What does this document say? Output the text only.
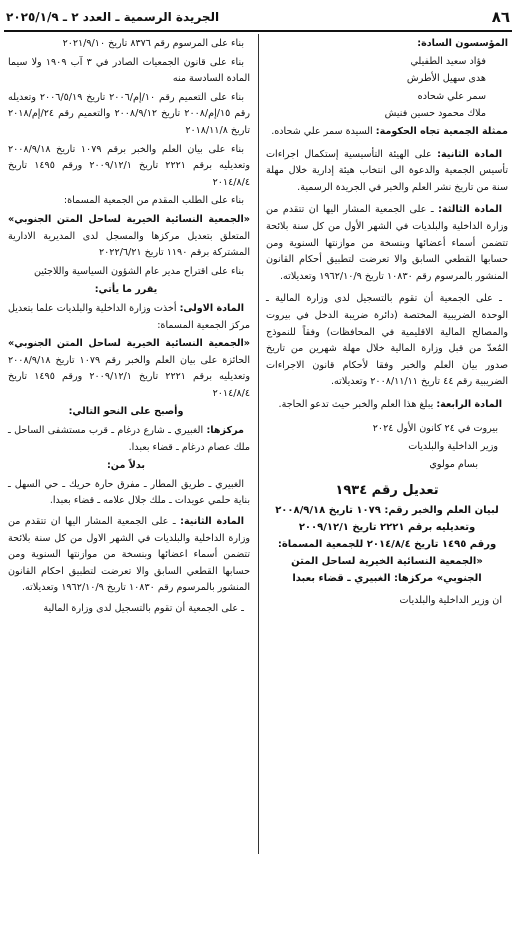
٨٦
الجريدة الرسمية ـ العدد ٢ ـ ٢٠٢٥/١/٩

المؤسسون السادة:

فؤاد سعيد الطفيلي

هدى سهيل الأطرش

سمر علي شحاده

ملاك محمود حسين فنيش

ممثلة الجمعية تجاه الحكومة: السيدة سمر علي شحاده.

المادة الثانية: على الهيئة التأسيسية إستكمال اجراءات تأسيس الجمعية والدعوة الى انتخاب هيئة إدارية خلال مهلة سنة من تاريخ نشر العلم والخبر في الجريدة الرسمية.

المادة الثالثة: ـ على الجمعية المشار اليها ان تتقدم من وزارة الداخلية والبلديات في الشهر الأول من كل سنة بلائحة تتضمن أسماء أعضائها وبنسخة من موازنتها السنوية ومن حسابها القطعي السابق والا تعرضت لتطبيق أحكام القانون المنشور بالمرسوم رقم ١٠٨٣٠ تاريخ ١٩٦٢/١٠/٩ وتعديلاته.

ـ على الجمعية أن تقوم بالتسجيل لدى وزارة المالية ـ الوحدة الضريبية المختصة (دائرة ضريبة الدخل في بيروت والمصالح المالية الاقليمية في المحافظات) وفقاً للنموذج المُعدّ من قبل وزارة المالية خلال مهلة شهرين من تاريخ صدور بيان العلم والخبر وفقا لأحكام قانون الاجراءات الضريبية رقم ٤٤ تاريخ ٢٠٠٨/١١/١١ وتعديلاته.

المادة الرابعة: يبلغ هذا العلم والخبر حيث تدعو الحاجة.

بيروت في ٢٤ كانون الأول ٢٠٢٤

وزير الداخلية والبلديات

بسام مولوي

تعديل رقم ١٩٣٤

لبيان العلم والخبر رقم: ١٠٧٩ تاريخ ٢٠٠٨/٩/١٨

وتعديليه برقم ٢٢٢١ تاريخ ٢٠٠٩/١٢/١

ورقم ١٤٩٥ تاريخ ٢٠١٤/٨/٤ للجمعية المسماة:

«الجمعية النسائية الخيرية لساحل المتن

الجنوبي» مركزها: الغبيري ـ قضاء بعبدا

ان وزير الداخلية والبلديات

بناء على المرسوم رقم ٨٣٧٦ تاريخ ٢٠٢١/٩/١٠

بناء على قانون الجمعيات الصادر في ٣ آب ١٩٠٩ ولا سيما المادة السادسة منه

بناء على التعميم رقم ١٠/إم/٢٠٠٦ تاريخ ٢٠٠٦/٥/١٩ وتعديله رقم ١٥/إم/٢٠٠٨ تاريخ ٢٠٠٨/٩/١٢ والتعميم رقم ٢٤/إم/٢٠١٨ تاريخ ٢٠١٨/١١/٨

بناء على بيان العلم والخبر برقم ١٠٧٩ تاريخ ٢٠٠٨/٩/١٨ وتعديليه برقم ٢٢٢١ تاريخ ٢٠٠٩/١٢/١ ورقم ١٤٩٥ تاريخ ٢٠١٤/٨/٤

بناء على الطلب المقدم من الجمعية المسماة:

«الجمعية النسائية الخيرية لساحل المتن الجنوبي» المتعلق بتعديل مركزها والمسجل لدى المديرية الادارية المشتركة برقم ١١٩٠ تاريخ ٢٠٢٢/٦/٢١

بناء على اقتراح مدير عام الشؤون السياسية واللاجئين

يقرر ما يأتي:

المادة الاولى: أخذت وزارة الداخلية والبلديات علما بتعديل مركز الجمعية المسماة:

«الجمعية النسائية الخيرية لساحل المتن الجنوبي» الحائزة على بيان العلم والخبر رقم ١٠٧٩ تاريخ ٢٠٠٨/٩/١٨ وتعديليه برقم ٢٢٢١ تاريخ ٢٠٠٩/١٢/١ ورقم ١٤٩٥ تاريخ ٢٠١٤/٨/٤

وأصبح على النحو التالي:

مركزها: الغبيري ـ شارع درغام ـ قرب مستشفى الساحل ـ ملك عصام درغام ـ قضاء بعبدا.

بدلاً من:

الغبيري ـ طريق المطار ـ مفرق حارة حريك ـ حي السهل ـ بناية حلمي عويدات ـ ملك جلال علامه ـ قضاء بعبدا.

المادة الثانية: ـ على الجمعية المشار اليها ان تتقدم من وزارة الداخلية والبلديات في الشهر الاول من كل سنة بلائحة تتضمن أسماء اعضائها وبنسخة من موازنتها السنوية ومن حسابها القطعي السابق والا تعرضت لتطبيق احكام القانون المنشور بالمرسوم رقم ١٠٨٣٠ تاريخ ١٩٦٢/١٠/٩ وتعديلاته.

ـ على الجمعية أن تقوم بالتسجيل لدى وزارة المالية
